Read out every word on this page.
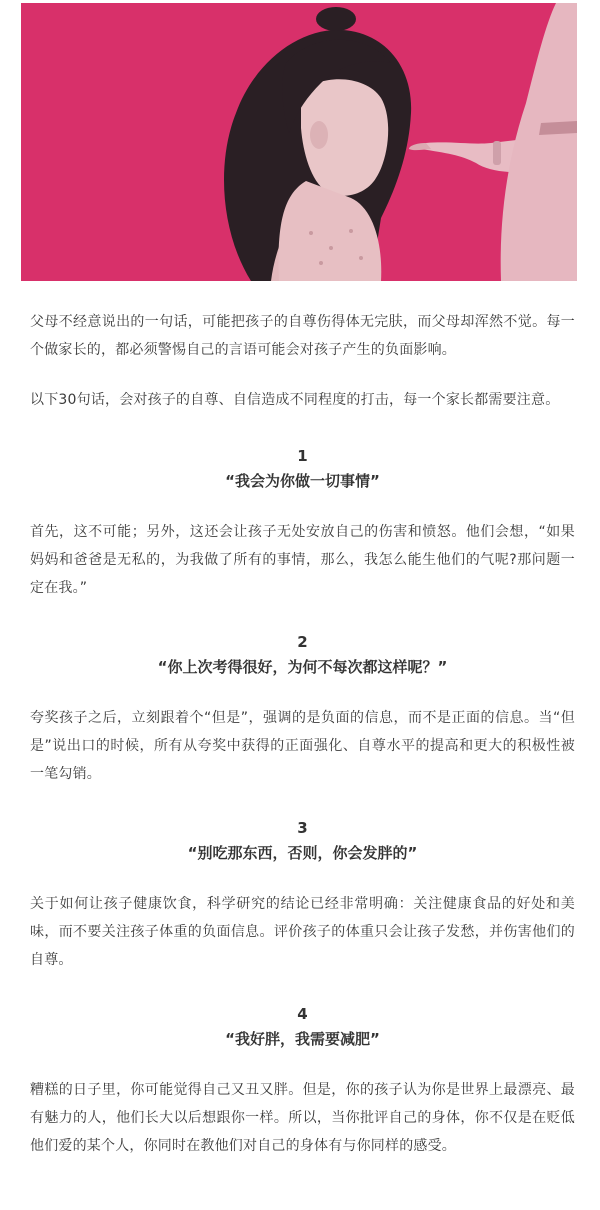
父母不经意说出的一句话，可能把孩子的自尊伤得体无完肤，而父母却浑然不觉。每一个做家长的，都必须警惕自己的言语可能会对孩子产生的负面影响。

以下30句话，会对孩子的自尊、自信造成不同程度的打击，每一个家长都需要注意。

1

“我会为你做一切事情”

首先，这不可能；另外，这还会让孩子无处安放自己的伤害和愤怒。他们会想，“如果妈妈和爸爸是无私的，为我做了所有的事情，那么，我怎么能生他们的气呢?那问题一定在我。”

2

“你上次考得很好，为何不每次都这样呢？”

夸奖孩子之后，立刻跟着个“但是”，强调的是负面的信息，而不是正面的信息。当“但是”说出口的时候，所有从夸奖中获得的正面强化、自尊水平的提高和更大的积极性被一笔勾销。

3

“别吃那东西，否则，你会发胖的”

关于如何让孩子健康饮食，科学研究的结论已经非常明确：关注健康食品的好处和美味，而不要关注孩子体重的负面信息。评价孩子的体重只会让孩子发愁，并伤害他们的自尊。

4

“我好胖，我需要减肥”

糟糕的日子里，你可能觉得自己又丑又胖。但是，你的孩子认为你是世界上最漂亮、最有魅力的人，他们长大以后想跟你一样。所以，当你批评自己的身体，你不仅是在贬低他们爱的某个人，你同时在教他们对自己的身体有与你同样的感受。
